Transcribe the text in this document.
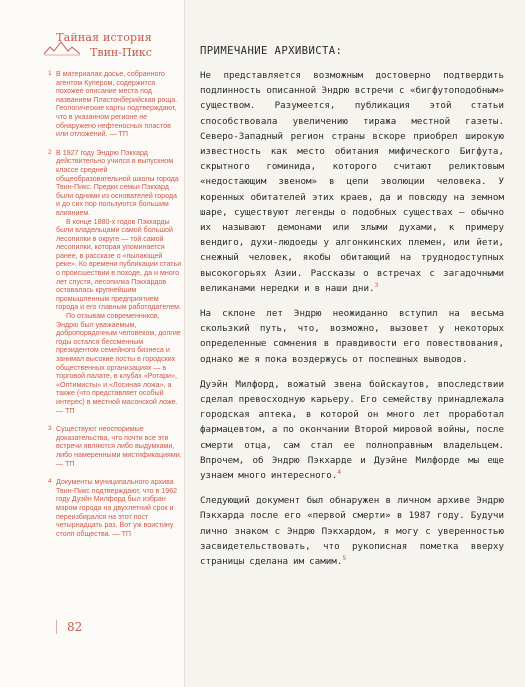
Тайная история
Твин-Пикс
1 В материалах досье, собранного агентом Купером, содержится похожее описание места под названием Пластонберийская роща. Геологические карты подтверждают, что в указанном регионе не обнаружено нефтеносных пластов или отложений. — ТП

2 В 1927 году Эндрю Пэкхард действительно учился в выпускном классе средней общеобразовательной школы города Твин-Пикс. Предки семьи Пэкхард были одними из основателей города и до сих пор пользуются большим влиянием.

В конце 1880-х годов Пэкхарды были владельцами самой большой лесопилки в округе — той самой лесопилки, которая упоминается ранее, в рассказе о «пылающей реке». Ко времени публикации статьи о происшествии в походе, да и много лет спустя, лесопилка Пэкхардов оставалась крупнейшим промышленным предприятием города и его главным работодателем.

По отзывам современников, Эндрю был уважаемым, добропорядочным человеком, долгие годы остался бессменным президентом семейного бизнеса и занимал высокие посты в городских общественных организациях — в торговой палате, в клубах «Ротари», «Оптимисты» и «Лосиная ложа», а также (что представляет особый интерес) в местной масонской ложе. — ТП

3 Существуют неоспоримые доказательства, что почти все эти встречи являются либо выдумками, либо намеренными мистификациями. — ТП

4 Документы муниципального архива Твин-Пикс подтверждают, что в 1962 году Дуэйн Милфорд был избран мэром города на двухлетний срок и переизбирался на этот пост четырнадцать раз. Вот уж воистину столп общества. — ТП

82
ПРИМЕЧАНИЕ АРХИВИСТА:

Не представляется возможным достоверно подтвердить подлинность описанной Эндрю встречи с «бигфутоподобным» существом. Разумеется, публикация этой статьи способствовала увеличению тиража местной газеты. Северо-Западный регион страны вскоре приобрел широкую известность как место обитания мифического Бигфута, скрытного гоминида, которого считают реликтовым «недостающим звеном» в цепи эволюции человека. У коренных обитателей этих краев, да и повсюду на земном шаре, существуют легенды о подобных существах — обычно их называют демонами или злыми духами, к примеру вендиго, духи-людоеды у алгонкинских племен, или йети, снежный человек, якобы обитающий на труднодоступных высокогорьях Азии. Рассказы о встречах с загадочными великанами нередки и в наши дни.$^3$

На склоне лет Эндрю неожиданно вступил на весьма скользкий путь, что, возможно, вызовет у некоторых определенные сомнения в правдивости его повествования, однако же я пока воздержусь от поспешных выводов.

Дуэйн Милфорд, вожатый звена бойскаутов, впоследствии сделал превосходную карьеру. Его семейству принадлежала городская аптека, в которой он много лет проработал фармацевтом, а по окончании Второй мировой войны, после смерти отца, сам стал ее полноправным владельцем. Впрочем, об Эндрю Пэкхарде и Дуэйне Милфорде мы еще узнаем много интересного.$^4$

Следующий документ был обнаружен в личном архиве Эндрю Пэкхарда после его «первой смерти» в 1987 году. Будучи лично знаком с Эндрю Пэкхардом, я могу с уверенностью засвидетельствовать, что рукописная пометка вверху страницы сделана им самим.$^5$
